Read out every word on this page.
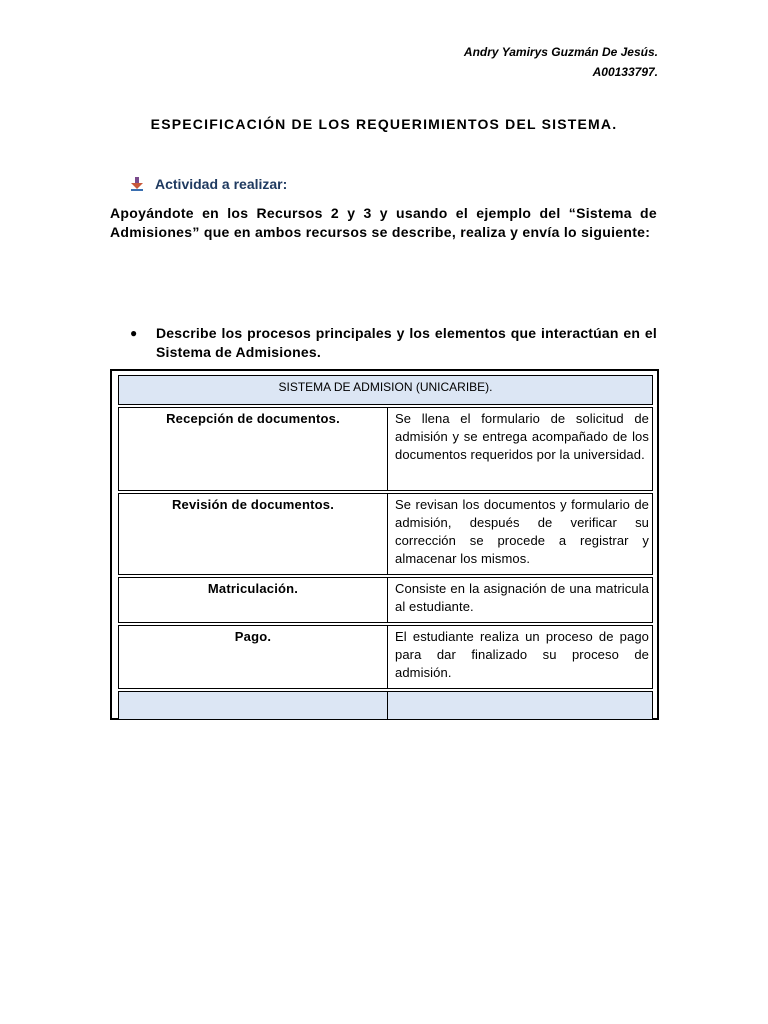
Andry Yamirys Guzmán De Jesús.
A00133797.
ESPECIFICACIÓN DE LOS REQUERIMIENTOS DEL SISTEMA.
Actividad a realizar:
Apoyándote en los Recursos 2 y 3 y usando el ejemplo del “Sistema de Admisiones” que en ambos recursos se describe, realiza y envía lo siguiente:
●	Describe los procesos principales y los elementos que interactúan en el Sistema de Admisiones.
SISTEMA DE ADMISION (UNICARIBE).
Recepción de documentos.	Se llena el formulario de solicitud de admisión y se entrega acompañado de los documentos requeridos por la universidad.
Revisión de documentos.	Se revisan los documentos y formulario de admisión, después de verificar su corrección se procede a registrar y almacenar los mismos.
Matriculación.	Consiste en la asignación de una matricula al estudiante.
Pago.	El estudiante realiza un proceso de pago para dar finalizado su proceso de admisión.
